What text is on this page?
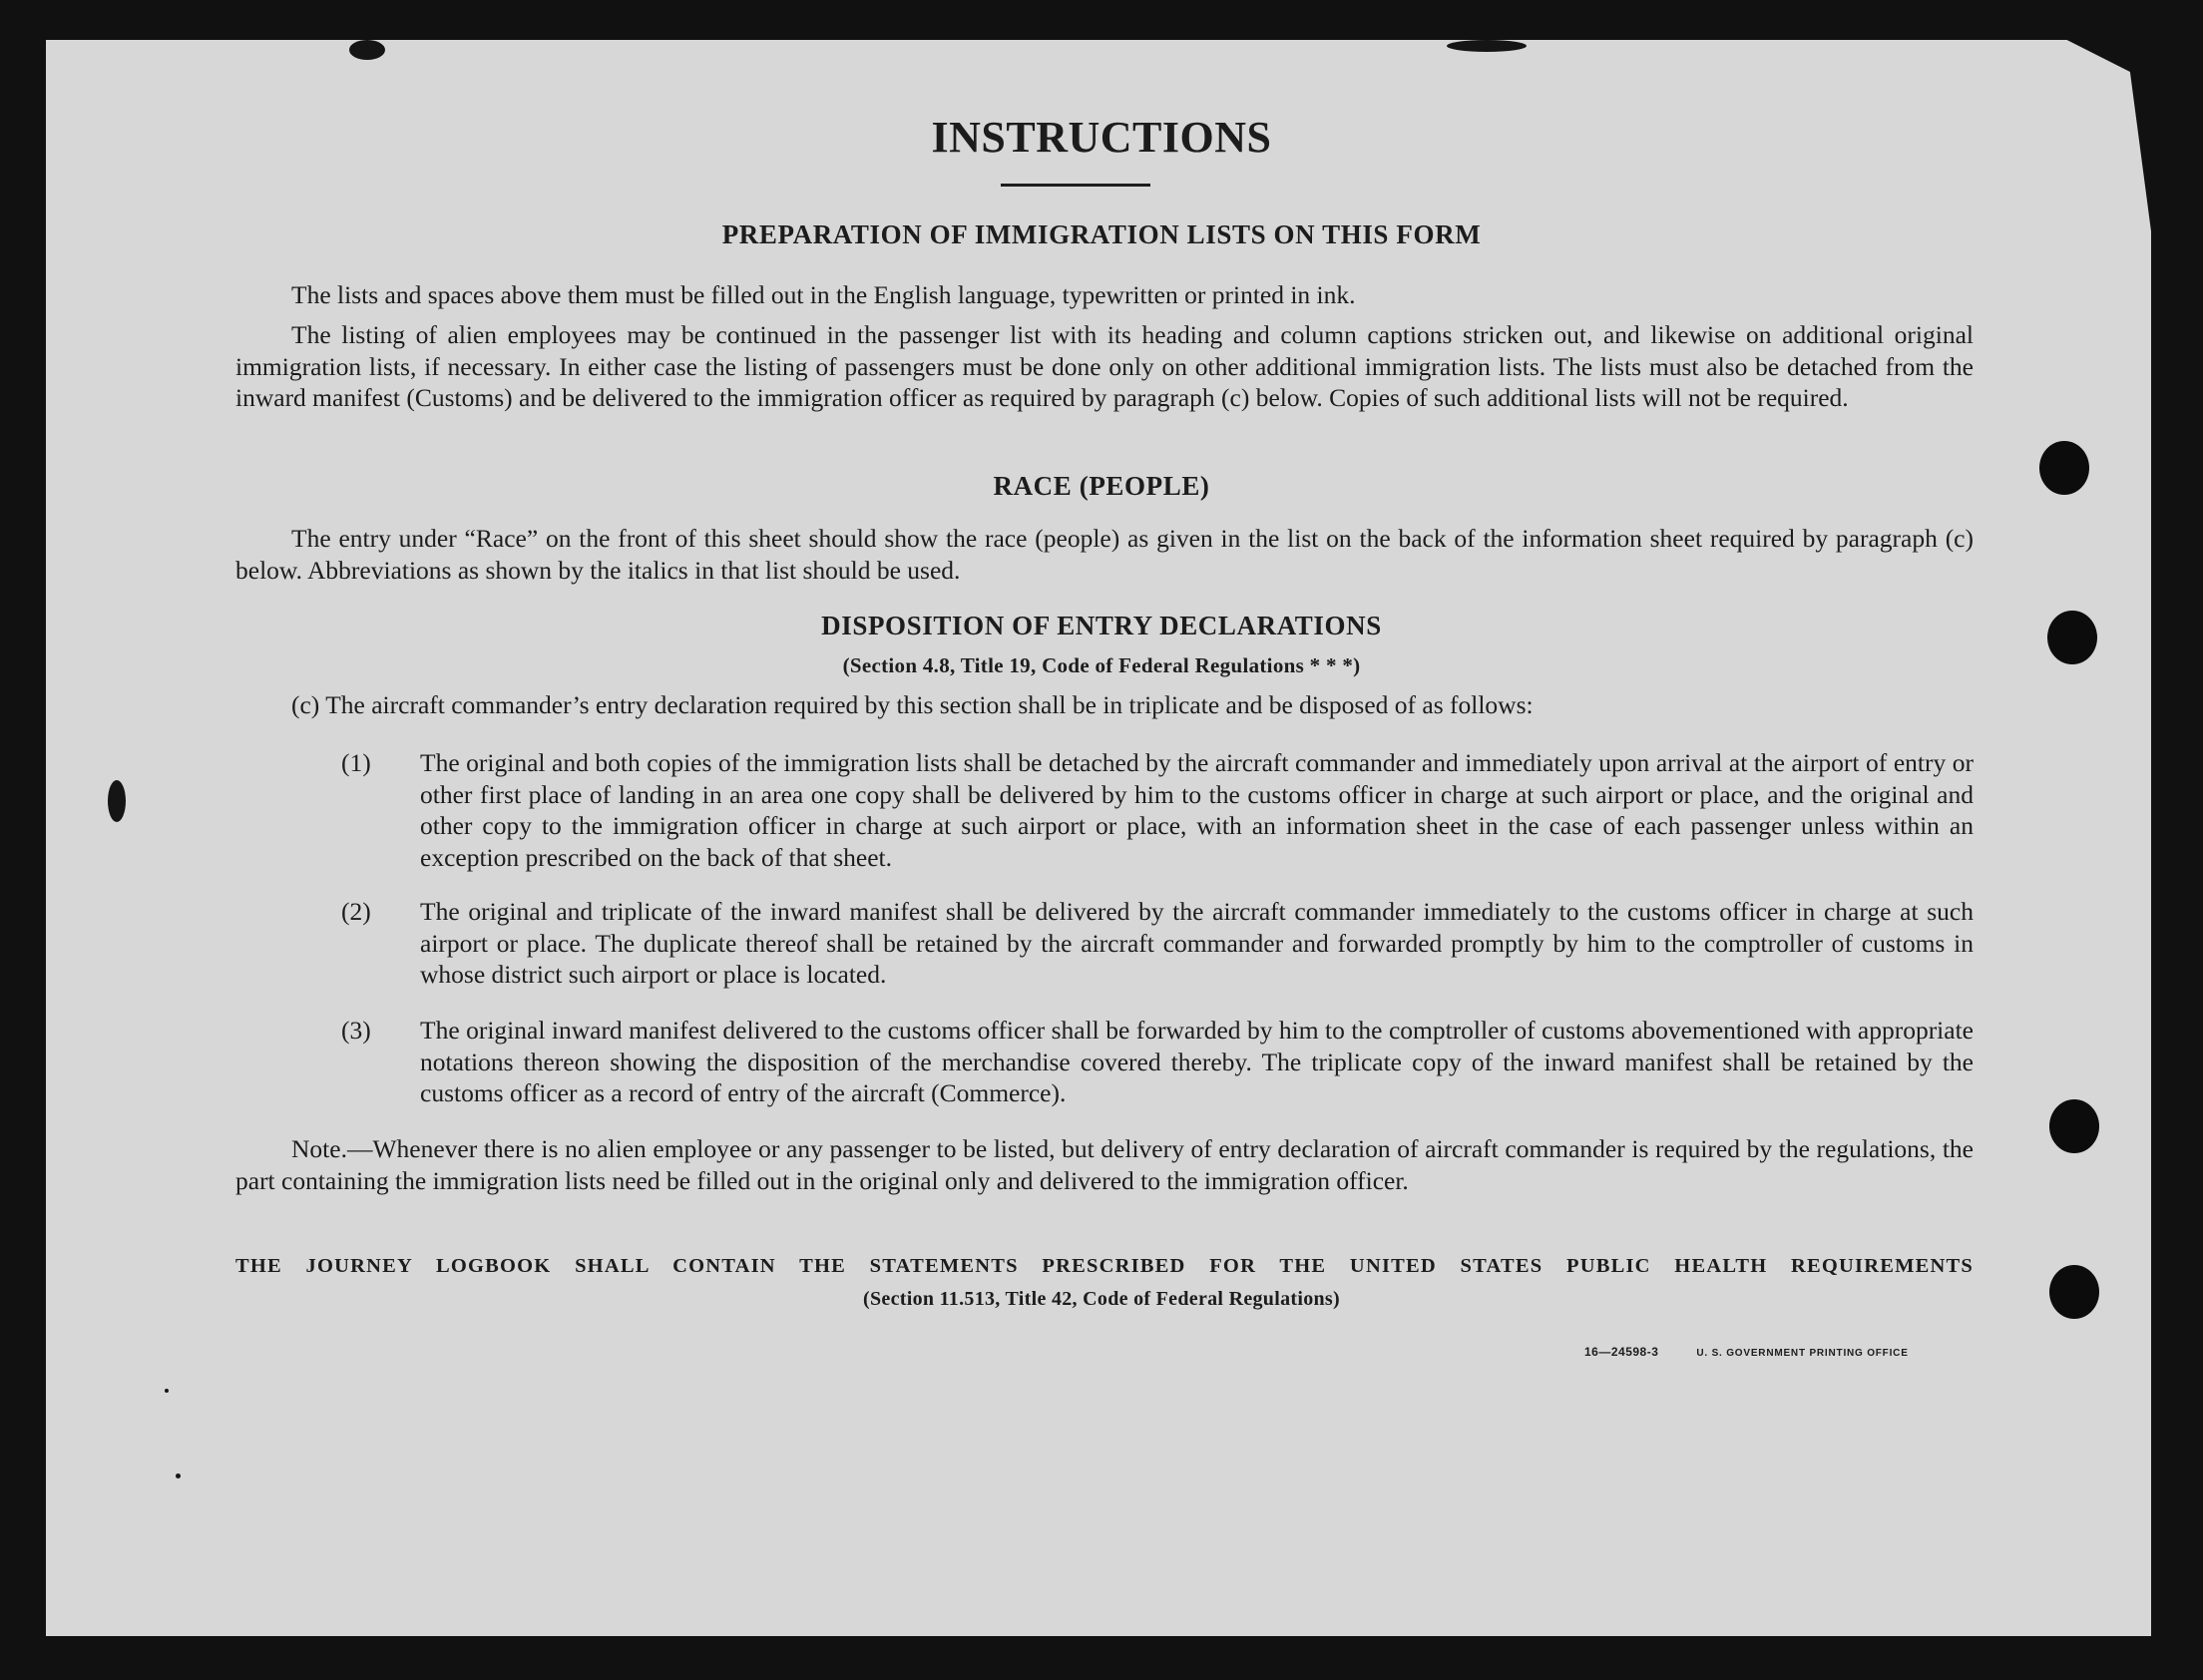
INSTRUCTIONS
PREPARATION OF IMMIGRATION LISTS ON THIS FORM
The lists and spaces above them must be filled out in the English language, typewritten or printed in ink.
The listing of alien employees may be continued in the passenger list with its heading and column captions stricken out, and likewise on additional original immigration lists, if necessary. In either case the listing of passengers must be done only on other additional immigration lists. The lists must also be detached from the inward manifest (Customs) and be delivered to the immigration officer as required by paragraph (c) below. Copies of such additional lists will not be required.
RACE (PEOPLE)
The entry under “Race” on the front of this sheet should show the race (people) as given in the list on the back of the information sheet required by paragraph (c) below. Abbreviations as shown by the italics in that list should be used.
DISPOSITION OF ENTRY DECLARATIONS
(Section 4.8, Title 19, Code of Federal Regulations * * *)
(c) The aircraft commander’s entry declaration required by this section shall be in triplicate and be disposed of as follows:
(1) The original and both copies of the immigration lists shall be detached by the aircraft commander and immediately upon arrival at the airport of entry or other first place of landing in an area one copy shall be delivered by him to the customs officer in charge at such airport or place, and the original and other copy to the immigration officer in charge at such airport or place, with an information sheet in the case of each passenger unless within an exception prescribed on the back of that sheet.
(2) The original and triplicate of the inward manifest shall be delivered by the aircraft commander immediately to the customs officer in charge at such airport or place. The duplicate thereof shall be retained by the aircraft commander and forwarded promptly by him to the comptroller of customs in whose district such airport or place is located.
(3) The original inward manifest delivered to the customs officer shall be forwarded by him to the comptroller of customs abovementioned with appropriate notations thereon showing the disposition of the merchandise covered thereby. The triplicate copy of the inward manifest shall be retained by the customs officer as a record of entry of the aircraft (Commerce).
Note.—Whenever there is no alien employee or any passenger to be listed, but delivery of entry declaration of aircraft commander is required by the regulations, the part containing the immigration lists need be filled out in the original only and delivered to the immigration officer.
THE JOURNEY LOGBOOK SHALL CONTAIN THE STATEMENTS PRESCRIBED FOR THE UNITED STATES PUBLIC HEALTH REQUIREMENTS
(Section 11.513, Title 42, Code of Federal Regulations)
16—24598-3	U. S. GOVERNMENT PRINTING OFFICE
